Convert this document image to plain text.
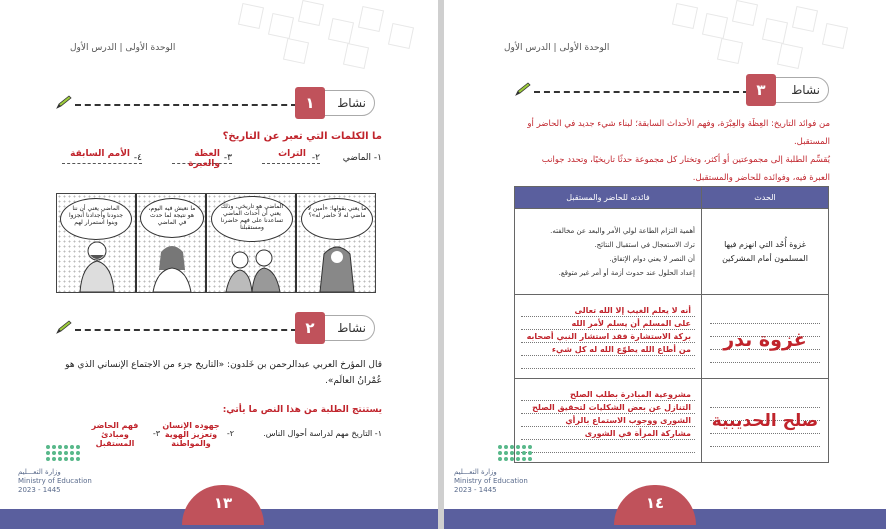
الوحدة الأولى | الدرس الأول
نشاط
١
ما الكلمات التي تعبر عن التاريخ؟
١- الماضي
٢-
التراث
٣-
العظة والعبرة
٤-
الأمم السابقة
الماضي يعني أن ننا جدودنا وأجدادنا أنجزوا وبنوا استمرار لهم
ما نعيش فيه اليوم، هو نتيجة لما حدث في الماضي
الماضي هو تاريخي، وذلك يعني أن أحداث الماضي تساعدنا على فهم حاضرنا ومستقبلنا
ما يعني بقولها: «أمين لا ماضي له لا حاضر له»؟
نشاط
٢
قال المؤرخ العربي عبدالرحمن بن خَلدون: «التاريخ جزء من الاجتماع الإنساني الذي هو
عُمْرانُ العالَم».
يستنتج الطلبة من هذا النص ما يأتي:
١- التاريخ مهم لدراسة أحوال الناس.
٢-
جهوده الإنسان
وتعزيز الهوية
والمواطنة
٣-
فهم الحاضر
ومبادئ المستقبل
وزارة التعـــليم
Ministry of Education
2023 - 1445
١٣
الوحدة الأولى | الدرس الأول
نشاط
٣
من فوائد التاريخ: العِظَة والعِبْرَة، وفهم الأحداث السابقة؛ لبناء شيء جديد في الحاضر أو
المستقبل.
يُقسِّم الطلبة إلى مجموعتين أو أكثر، وتختار كل مجموعة حدثًا تاريخيًا، وتحدد جوانب
العبرة فيه، وفوائده للحاضر والمستقبل.
فائدته للحاضر والمستقبل	الحدث

أهمية التزام الطاعة لولي الأمر والبعد عن مخالفته.
ترك الاستعجال في استقبال النتائج.
أن النصر لا يعني دوام الإتفاق.
إعداد الحلول عند حدوث أزمة أو أمر غير متوقع.	غزوة أُحُد التي انهزم فيها المسلمون أمام المشركين

أنه لا يعلم الغيب إلا الله تعالى
على المسلم أن يسلم لأمر الله
بركة الاستشارة فقد استشار النبي أصحابه
من أطاع الله يطوّع الله له كل شيء	غزوة بدر

مشروعية المبادرة بطلب الصلح
التنازل عن بعض الشكليات لتحقيق الصلح
الشورى ووجوب الاستماع بالرأي
مشاركة المرأة في الشورى	صلح الحديبية
وزارة التعـــليم
Ministry of Education
2023 - 1445
١٤
